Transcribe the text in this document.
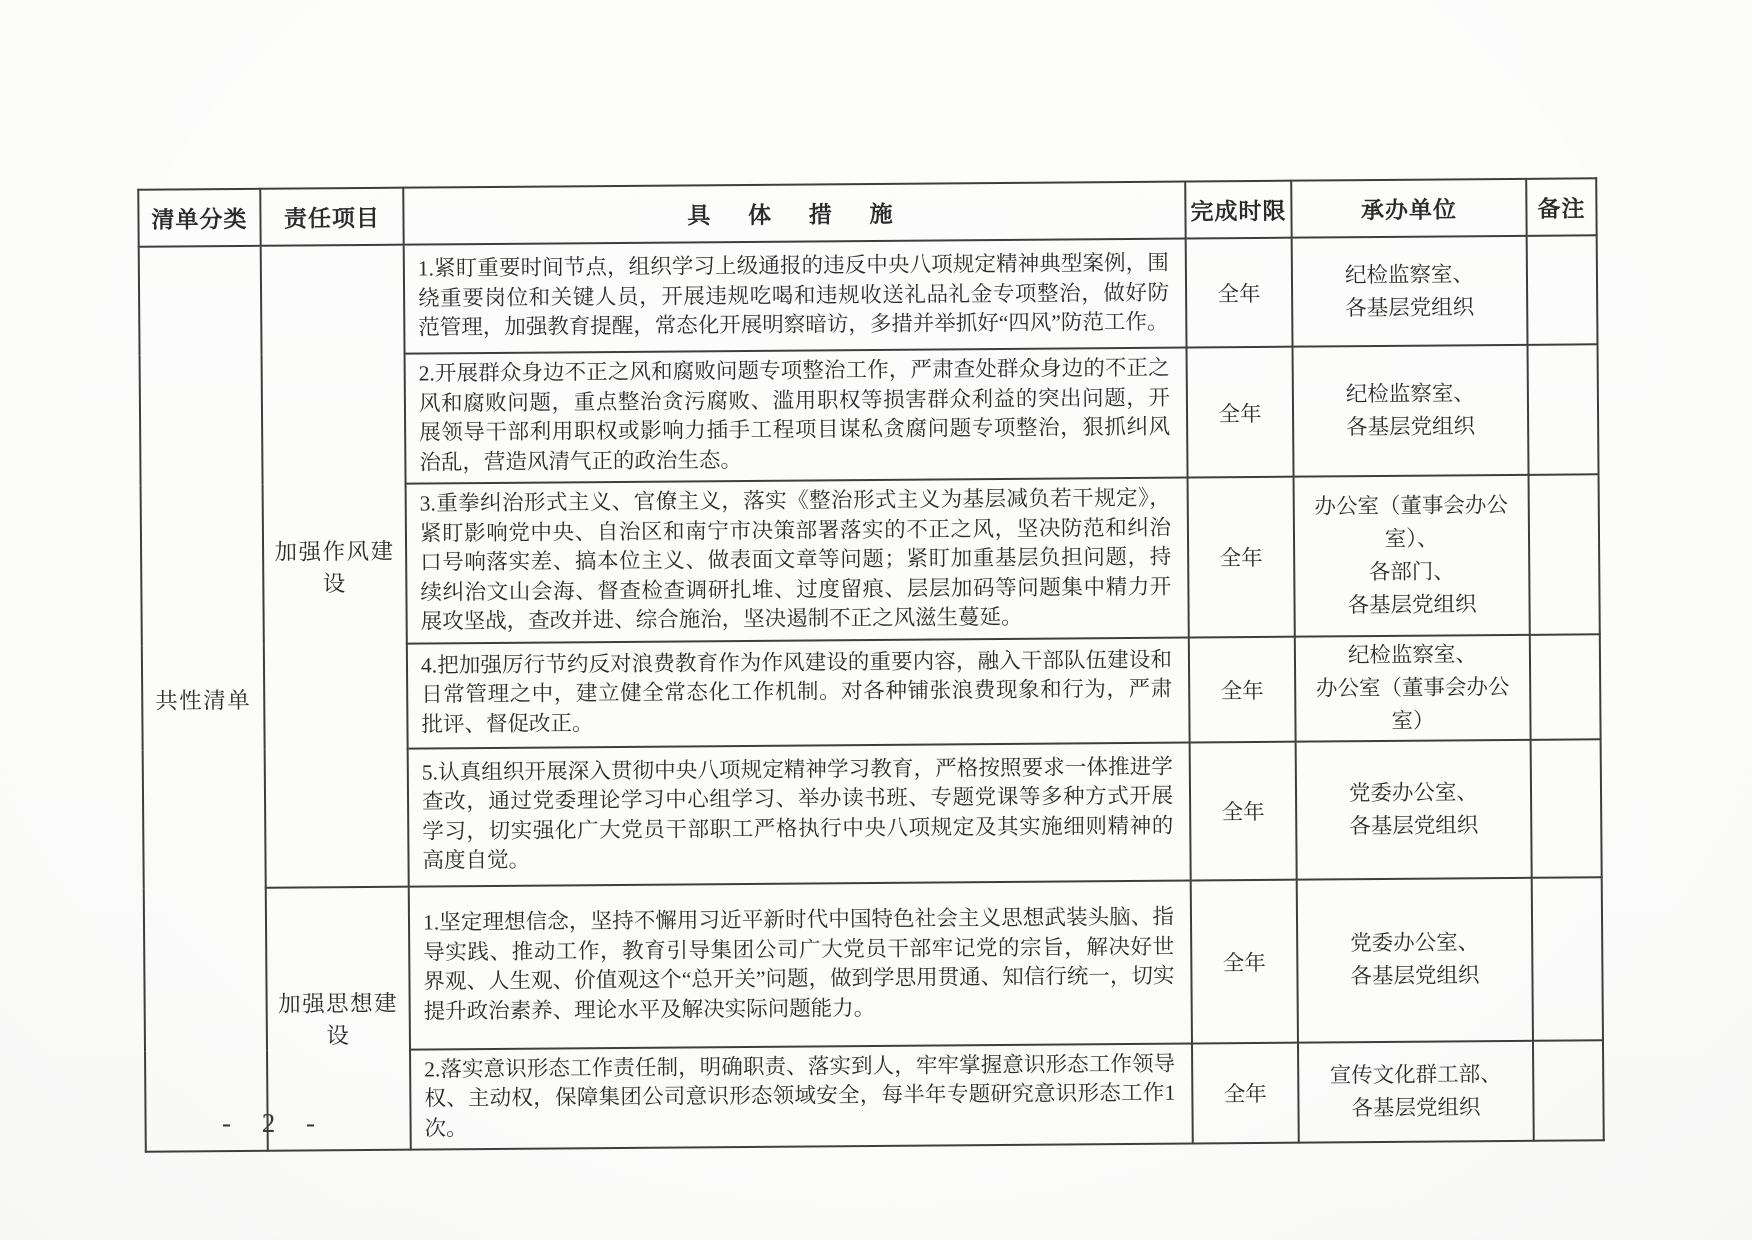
清单分类	责任项目	具 体 措 施	完成时限	承办单位	备注
共性清单	加强作风建设	1.紧盯重要时间节点，组织学习上级通报的违反中央八项规定精神典型案例，围绕重要岗位和关键人员，开展违规吃喝和违规收送礼品礼金专项整治，做好防范管理，加强教育提醒，常态化开展明察暗访，多措并举抓好“四风”防范工作。	全年	纪检监察室、
各基层党组织	
		2.开展群众身边不正之风和腐败问题专项整治工作，严肃查处群众身边的不正之风和腐败问题，重点整治贪污腐败、滥用职权等损害群众利益的突出问题，开展领导干部利用职权或影响力插手工程项目谋私贪腐问题专项整治，狠抓纠风治乱，营造风清气正的政治生态。	全年	纪检监察室、
各基层党组织	
		3.重拳纠治形式主义、官僚主义，落实《整治形式主义为基层减负若干规定》，紧盯影响党中央、自治区和南宁市决策部署落实的不正之风，坚决防范和纠治口号响落实差、搞本位主义、做表面文章等问题；紧盯加重基层负担问题，持续纠治文山会海、督查检查调研扎堆、过度留痕、层层加码等问题集中精力开展攻坚战，查改并进、综合施治，坚决遏制不正之风滋生蔓延。	全年	办公室（董事会办公室）、
各部门、
各基层党组织	
		4.把加强厉行节约反对浪费教育作为作风建设的重要内容，融入干部队伍建设和日常管理之中，建立健全常态化工作机制。对各种铺张浪费现象和行为，严肃批评、督促改正。	全年	纪检监察室、
办公室（董事会办公室）	
		5.认真组织开展深入贯彻中央八项规定精神学习教育，严格按照要求一体推进学查改，通过党委理论学习中心组学习、举办读书班、专题党课等多种方式开展学习，切实强化广大党员干部职工严格执行中央八项规定及其实施细则精神的高度自觉。	全年	党委办公室、
各基层党组织	
	加强思想建设	1.坚定理想信念，坚持不懈用习近平新时代中国特色社会主义思想武装头脑、指导实践、推动工作，教育引导集团公司广大党员干部牢记党的宗旨，解决好世界观、人生观、价值观这个“总开关”问题，做到学思用贯通、知信行统一，切实提升政治素养、理论水平及解决实际问题能力。	全年	党委办公室、
各基层党组织	
		2.落实意识形态工作责任制，明确职责、落实到人，牢牢掌握意识形态工作领导权、主动权，保障集团公司意识形态领域安全，每半年专题研究意识形态工作1次。	全年	宣传文化群工部、
各基层党组织	
- 2 -
